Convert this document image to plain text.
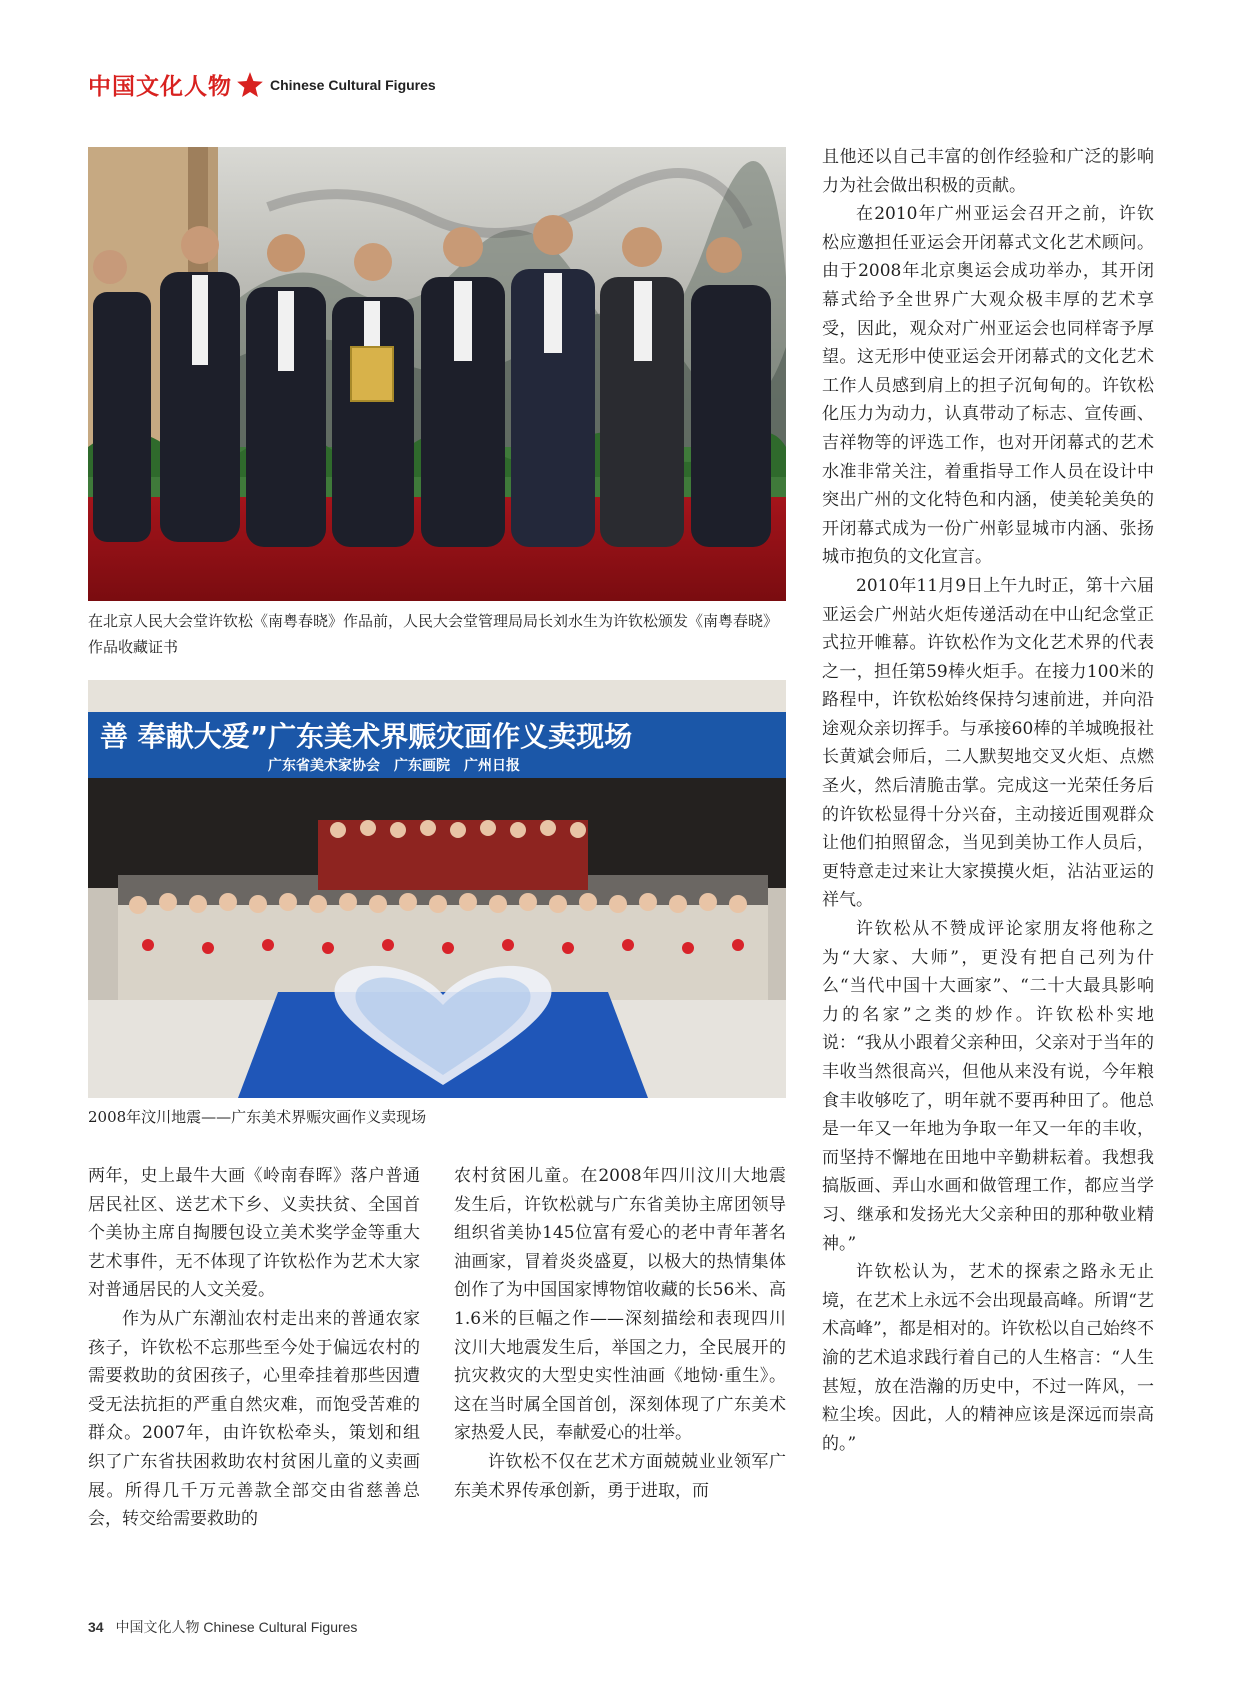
中国文化人物	Chinese Cultural Figures
在北京人民大会堂许钦松《南粤春晓》作品前，人民大会堂管理局局长刘水生为许钦松颁发《南粤春晓》作品收藏证书
善 奉献大爱”广东美术界赈灾画作义卖现场
广东省美术家协会　广东画院　广州日报
2008年汶川地震——广东美术界赈灾画作义卖现场

且他还以自己丰富的创作经验和广泛的影响力为社会做出积极的贡献。

在2010年广州亚运会召开之前，许钦松应邀担任亚运会开闭幕式文化艺术顾问。由于2008年北京奥运会成功举办，其开闭幕式给予全世界广大观众极丰厚的艺术享受，因此，观众对广州亚运会也同样寄予厚望。这无形中使亚运会开闭幕式的文化艺术工作人员感到肩上的担子沉甸甸的。许钦松化压力为动力，认真带动了标志、宣传画、吉祥物等的评选工作，也对开闭幕式的艺术水准非常关注，着重指导工作人员在设计中突出广州的文化特色和内涵，使美轮美奂的开闭幕式成为一份广州彰显城市内涵、张扬城市抱负的文化宣言。

2010年11月9日上午九时正，第十六届亚运会广州站火炬传递活动在中山纪念堂正式拉开帷幕。许钦松作为文化艺术界的代表之一，担任第59棒火炬手。在接力100米的路程中，许钦松始终保持匀速前进，并向沿途观众亲切挥手。与承接60棒的羊城晚报社长黄斌会师后，二人默契地交叉火炬、点燃圣火，然后清脆击掌。完成这一光荣任务后的许钦松显得十分兴奋，主动接近围观群众让他们拍照留念，当见到美协工作人员后，更特意走过来让大家摸摸火炬，沾沾亚运的祥气。

许钦松从不赞成评论家朋友将他称之为“大家、大师”，更没有把自己列为什么“当代中国十大画家”、“二十大最具影响力的名家”之类的炒作。许钦松朴实地说：“我从小跟着父亲种田，父亲对于当年的丰收当然很高兴，但他从来没有说，今年粮食丰收够吃了，明年就不要再种田了。他总是一年又一年地为争取一年又一年的丰收，而坚持不懈地在田地中辛勤耕耘着。我想我搞版画、弄山水画和做管理工作，都应当学习、继承和发扬光大父亲种田的那种敬业精神。”

许钦松认为，艺术的探索之路永无止境，在艺术上永远不会出现最高峰。所谓“艺术高峰”，都是相对的。许钦松以自己始终不渝的艺术追求践行着自己的人生格言：“人生甚短，放在浩瀚的历史中，不过一阵风，一粒尘埃。因此，人的精神应该是深远而崇高的。”

两年，史上最牛大画《岭南春晖》落户普通居民社区、送艺术下乡、义卖扶贫、全国首个美协主席自掏腰包设立美术奖学金等重大艺术事件，无不体现了许钦松作为艺术大家对普通居民的人文关爱。

作为从广东潮汕农村走出来的普通农家孩子，许钦松不忘那些至今处于偏远农村的需要救助的贫困孩子，心里牵挂着那些因遭受无法抗拒的严重自然灾难，而饱受苦难的群众。2007年，由许钦松牵头，策划和组织了广东省扶困救助农村贫困儿童的义卖画展。所得几千万元善款全部交由省慈善总会，转交给需要救助的

农村贫困儿童。在2008年四川汶川大地震发生后，许钦松就与广东省美协主席团领导组织省美协145位富有爱心的老中青年著名油画家，冒着炎炎盛夏，以极大的热情集体创作了为中国国家博物馆收藏的长56米、高1.6米的巨幅之作——深刻描绘和表现四川汶川大地震发生后，举国之力，全民展开的抗灾救灾的大型史实性油画《地恸·重生》。这在当时属全国首创，深刻体现了广东美术家热爱人民，奉献爱心的壮举。

许钦松不仅在艺术方面兢兢业业领军广东美术界传承创新，勇于进取，而

34 中国文化人物 Chinese Cultural Figures
